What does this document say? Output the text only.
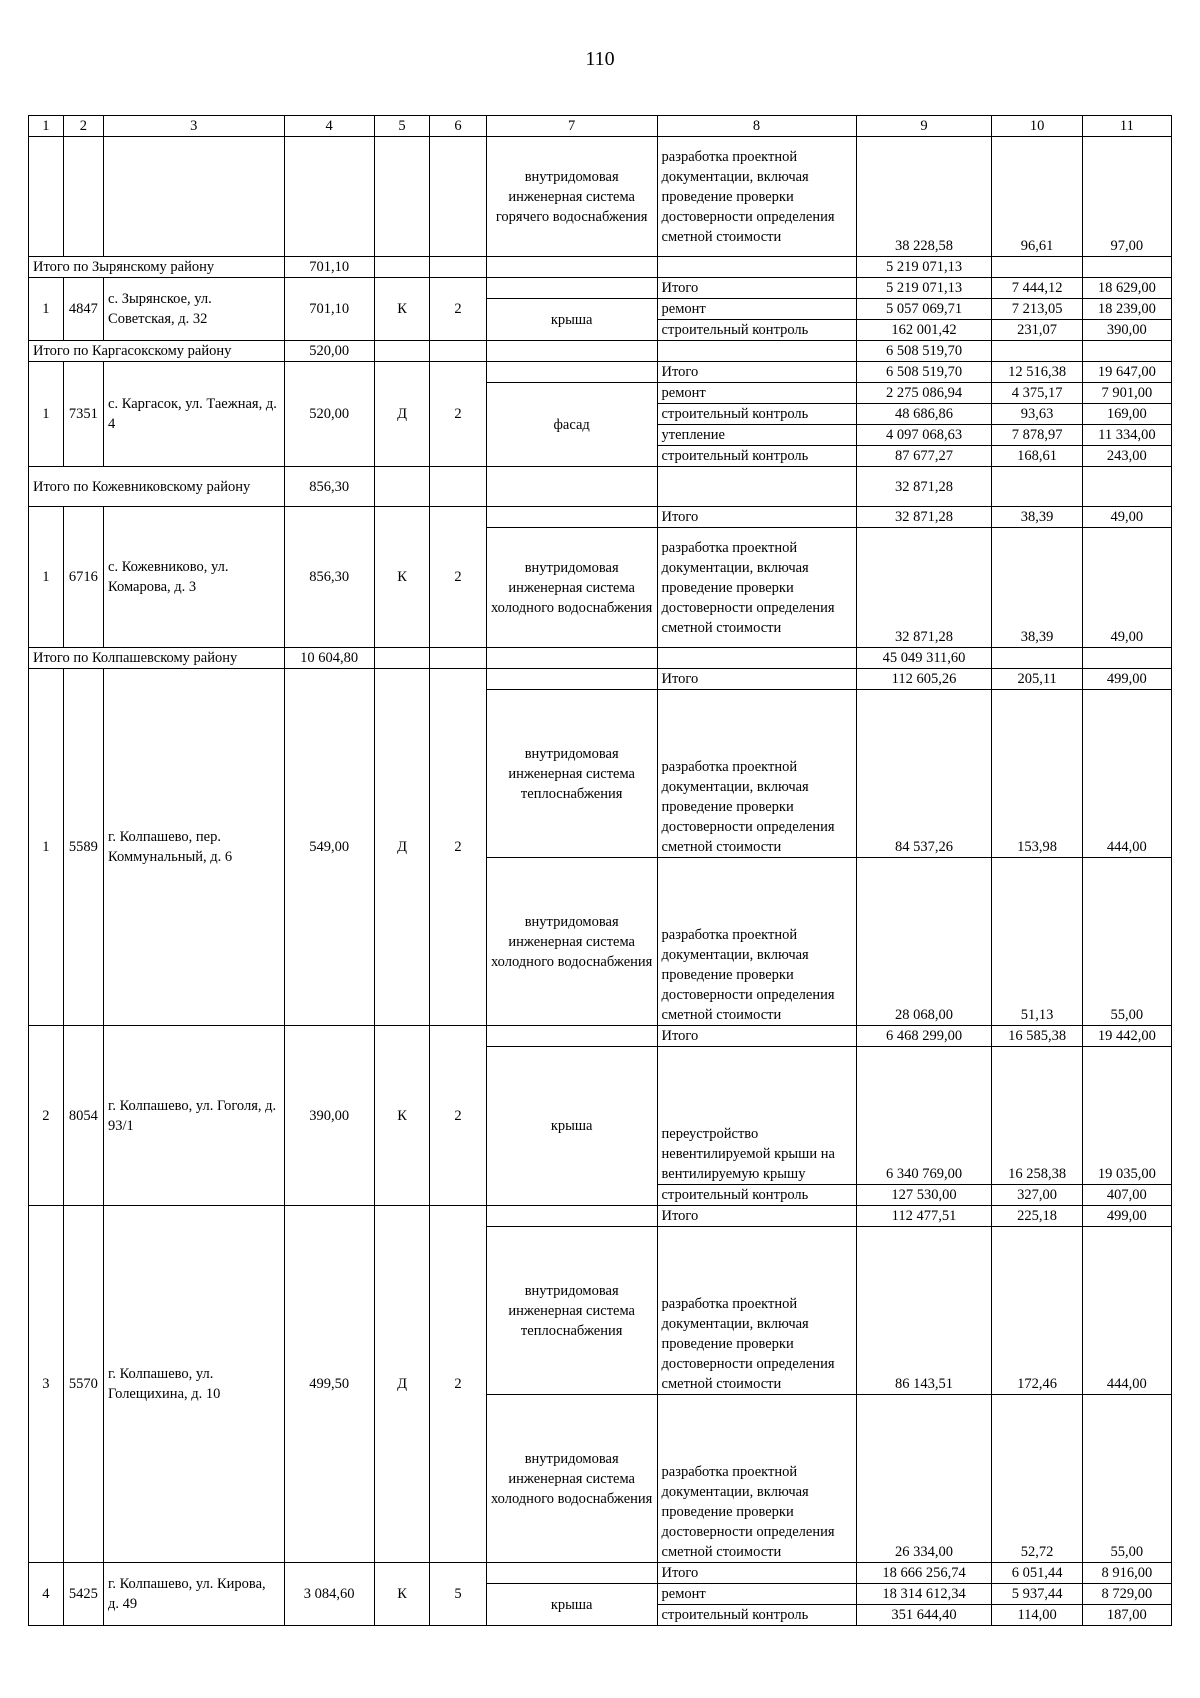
110
1	2	3	4	5	6	7	8	9	10	11
						внутридомовая инженерная система горячего водоснабжения	разработка проектной документации, включая проведение проверки достоверности определения сметной стоимости	38 228,58	96,61	97,00
Итого по Зырянскому району			701,10					5 219 071,13		
1	4847	с. Зырянское, ул. Советская, д. 32	701,10	К	2		Итого	5 219 071,13	7 444,12	18 629,00
						крыша	ремонт	5 057 069,71	7 213,05	18 239,00
							строительный контроль	162 001,42	231,07	390,00
Итого по Каргасокскому району			520,00					6 508 519,70		
1	7351	с. Каргасок, ул. Таежная, д. 4	520,00	Д	2		Итого	6 508 519,70	12 516,38	19 647,00
						фасад	ремонт	2 275 086,94	4 375,17	7 901,00
							строительный контроль	48 686,86	93,63	169,00
							утепление	4 097 068,63	7 878,97	11 334,00
							строительный контроль	87 677,27	168,61	243,00
Итого по Кожевниковскому району			856,30					32 871,28		
1	6716	с. Кожевниково, ул. Комарова, д. 3	856,30	К	2		Итого	32 871,28	38,39	49,00
						внутридомовая инженерная система холодного водоснабжения	разработка проектной документации, включая проведение проверки достоверности определения сметной стоимости	32 871,28	38,39	49,00
Итого по Колпашевскому району			10 604,80					45 049 311,60		
1	5589	г. Колпашево, пер. Коммунальный, д. 6	549,00	Д	2		Итого	112 605,26	205,11	499,00
						внутридомовая инженерная система теплоснабжения	разработка проектной документации, включая проведение проверки достоверности определения сметной стоимости	84 537,26	153,98	444,00
						внутридомовая инженерная система холодного водоснабжения	разработка проектной документации, включая проведение проверки достоверности определения сметной стоимости	28 068,00	51,13	55,00
2	8054	г. Колпашево, ул. Гоголя, д. 93/1	390,00	К	2		Итого	6 468 299,00	16 585,38	19 442,00
						крыша	переустройство невентилируемой крыши на вентилируемую крышу	6 340 769,00	16 258,38	19 035,00
							строительный контроль	127 530,00	327,00	407,00
3	5570	г. Колпашево, ул. Голещихина, д. 10	499,50	Д	2		Итого	112 477,51	225,18	499,00
						внутридомовая инженерная система теплоснабжения	разработка проектной документации, включая проведение проверки достоверности определения сметной стоимости	86 143,51	172,46	444,00
						внутридомовая инженерная система холодного водоснабжения	разработка проектной документации, включая проведение проверки достоверности определения сметной стоимости	26 334,00	52,72	55,00
4	5425	г. Колпашево, ул. Кирова, д. 49	3 084,60	К	5		Итого	18 666 256,74	6 051,44	8 916,00
						крыша	ремонт	18 314 612,34	5 937,44	8 729,00
							строительный контроль	351 644,40	114,00	187,00
